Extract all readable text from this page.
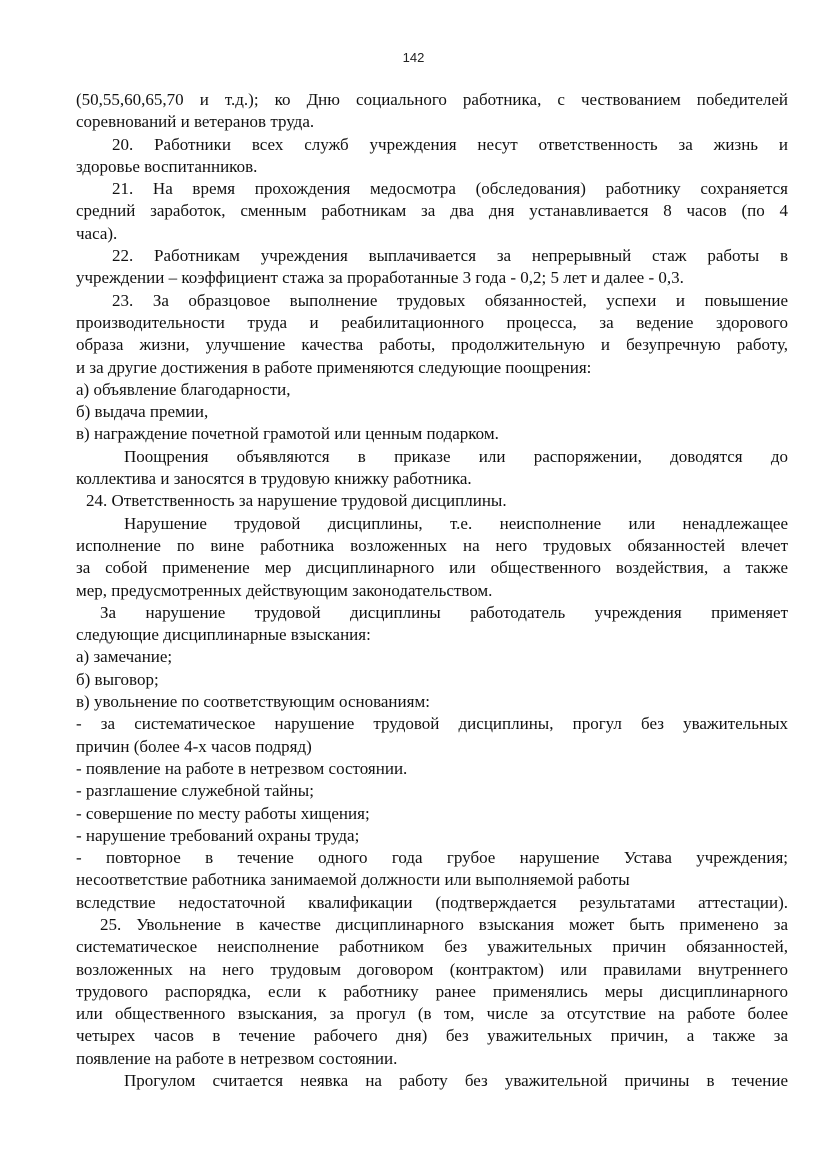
142
(50,55,60,65,70 и т.д.); ко Дню социального работника, с чествованием победителей
соревнований и ветеранов труда.
20. Работники всех служб учреждения несут ответственность за жизнь и
здоровье воспитанников.
21. На время прохождения медосмотра (обследования) работнику сохраняется
средний заработок, сменным работникам за два дня устанавливается 8 часов (по 4
часа).
22. Работникам учреждения выплачивается за непрерывный стаж работы в
учреждении – коэффициент стажа за проработанные 3 года - 0,2; 5 лет и далее - 0,3.
23. За образцовое выполнение трудовых обязанностей, успехи и повышение
производительности труда и реабилитационного процесса, за ведение здорового
образа жизни, улучшение качества работы, продолжительную и безупречную работу,
и за другие достижения в работе применяются следующие поощрения:
а) объявление благодарности,
б) выдача премии,
в) награждение почетной грамотой или ценным подарком.
Поощрения объявляются в приказе или распоряжении, доводятся до
коллектива и заносятся в трудовую книжку работника.
24. Ответственность за нарушение трудовой дисциплины.
Нарушение трудовой дисциплины, т.е. неисполнение или ненадлежащее
исполнение по вине работника возложенных на него трудовых обязанностей влечет
за собой применение мер дисциплинарного или общественного воздействия, а также
мер, предусмотренных действующим законодательством.
За нарушение трудовой дисциплины работодатель учреждения применяет
следующие дисциплинарные взыскания:
а) замечание;
б) выговор;
в) увольнение по соответствующим основаниям:
- за систематическое нарушение трудовой дисциплины, прогул без уважительных
причин (более 4-х часов подряд)
- появление на работе в нетрезвом состоянии.
- разглашение служебной тайны;
- совершение по месту работы хищения;
- нарушение требований охраны труда;
- повторное в течение одного года грубое нарушение Устава учреждения;
несоответствие работника занимаемой должности или выполняемой работы
вследствие недостаточной квалификации (подтверждается результатами аттестации).
25. Увольнение в качестве дисциплинарного взыскания может быть применено за
систематическое неисполнение работником без уважительных причин обязанностей,
возложенных на него трудовым договором (контрактом) или правилами внутреннего
трудового распорядка, если к работнику ранее применялись меры дисциплинарного
или общественного взыскания, за прогул (в том, числе за отсутствие на работе более
четырех часов в течение рабочего дня) без уважительных причин, а также за
появление на работе в нетрезвом состоянии.
Прогулом считается неявка на работу без уважительной причины в течение
